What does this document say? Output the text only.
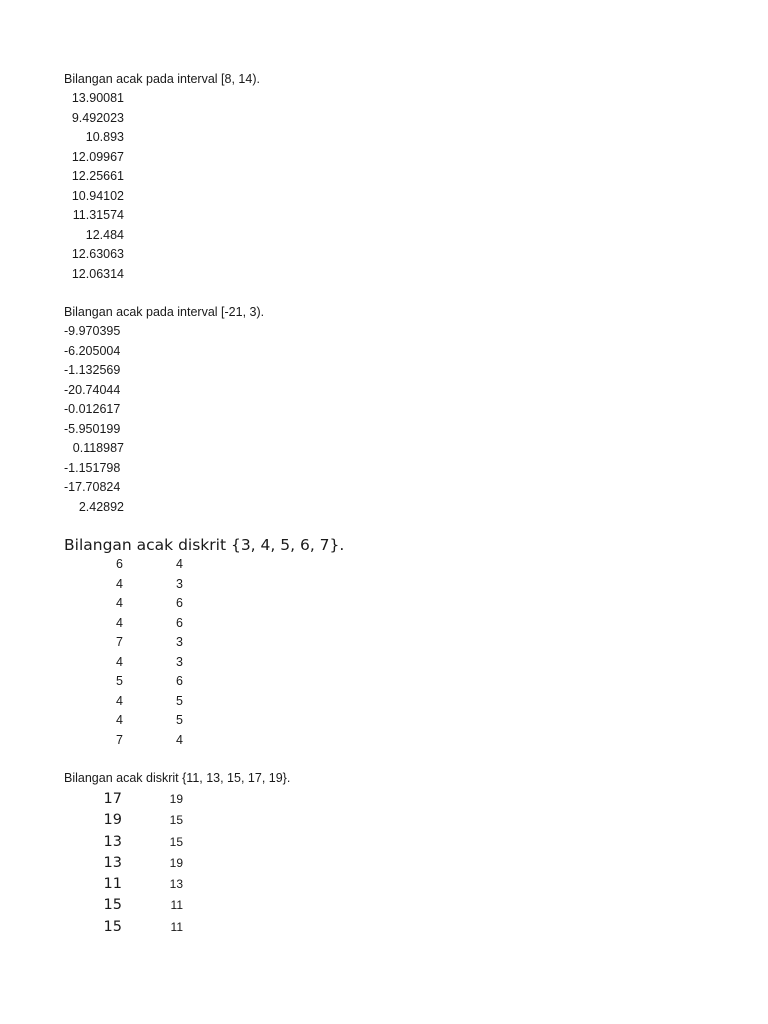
Bilangan acak pada interval [8, 14).
13.90081
9.492023
10.893
12.09967
12.25661
10.94102
11.31574
12.484
12.63063
12.06314
Bilangan acak pada interval [-21, 3).
-9.970395
-6.205004
-1.132569
-20.74044
-0.012617
-5.950199
0.118987
-1.151798
-17.70824
2.42892
Bilangan acak diskrit {3, 4, 5, 6, 7}.
6	4
4	3
4	6
4	6
7	3
4	3
5	6
4	5
4	5
7	4
Bilangan acak diskrit {11, 13, 15, 17, 19}.
17	19
19	15
13	15
13	19
11	13
15	11
15	11
